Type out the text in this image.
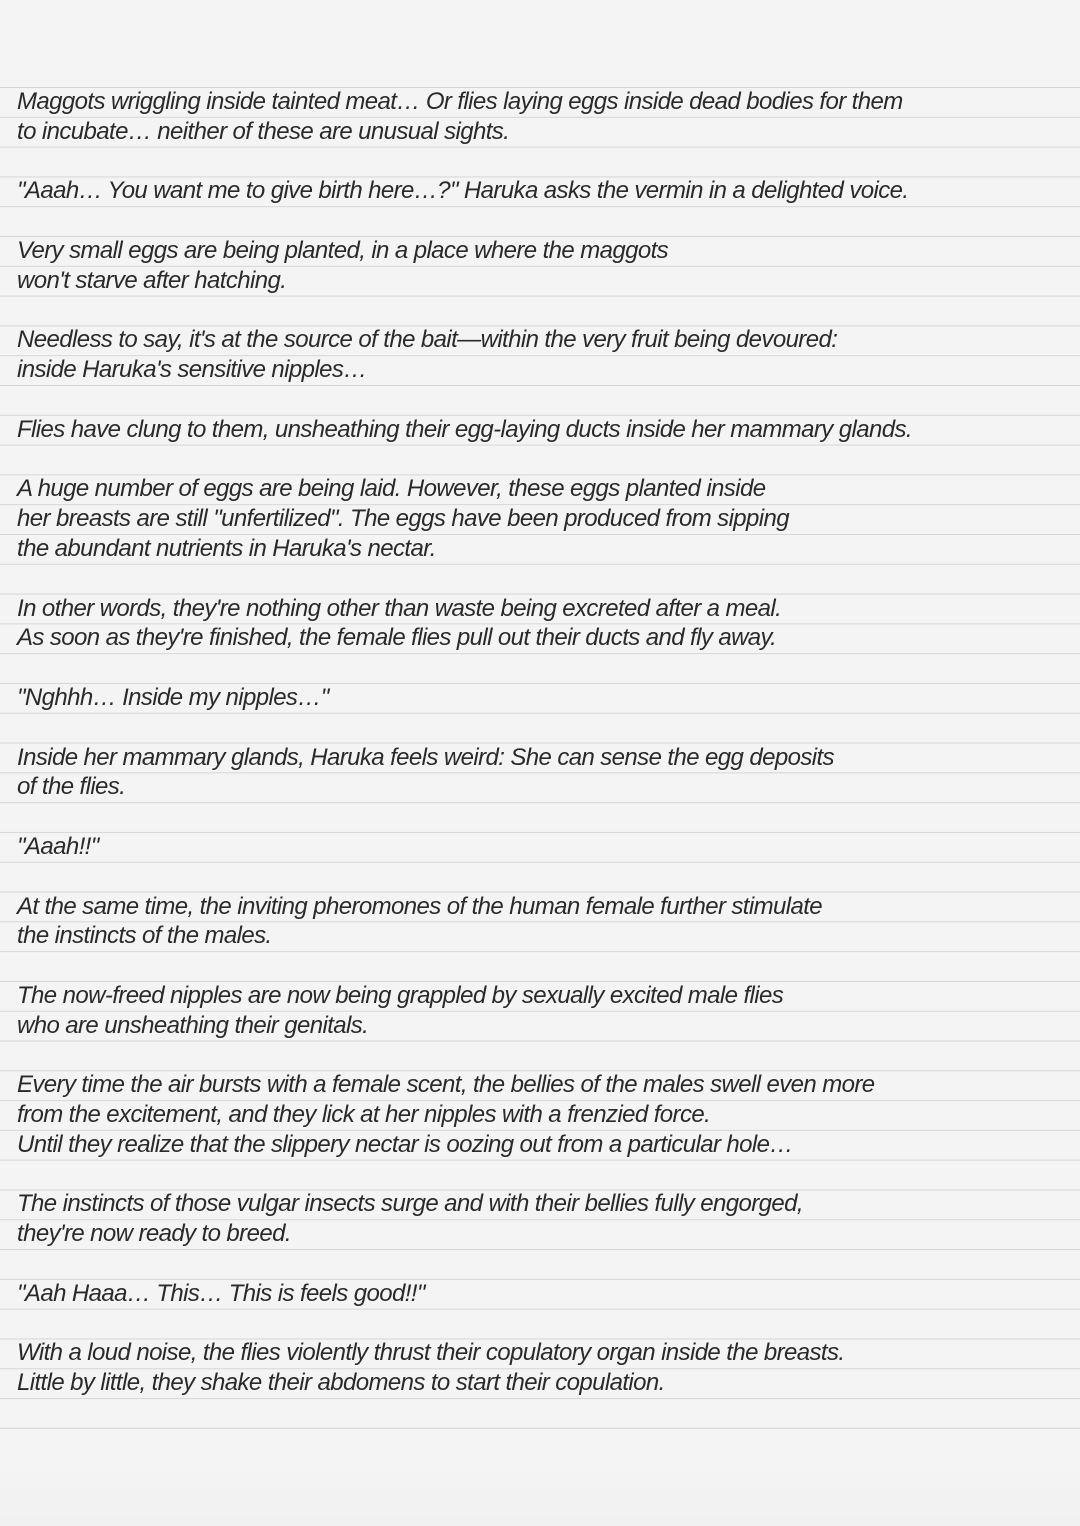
Maggots wriggling inside tainted meat… Or flies laying eggs inside dead bodies for them
to incubate… neither of these are unusual sights.
"Aaah… You want me to give birth here…?" Haruka asks the vermin in a delighted voice.
Very small eggs are being planted, in a place where the maggots
won't starve after hatching.
Needless to say, it's at the source of the bait—within the very fruit being devoured:
inside Haruka's sensitive nipples…
Flies have clung to them, unsheathing their egg-laying ducts inside her mammary glands.
A huge number of eggs are being laid. However, these eggs planted inside
her breasts are still "unfertilized". The eggs have been produced from sipping
the abundant nutrients in Haruka's nectar.
In other words, they're nothing other than waste being excreted after a meal.
As soon as they're finished, the female flies pull out their ducts and fly away.
"Nghhh… Inside my nipples…"
Inside her mammary glands, Haruka feels weird: She can sense the egg deposits
of the flies.
"Aaah!!"
At the same time, the inviting pheromones of the human female further stimulate
the instincts of the males.
The now-freed nipples are now being grappled by sexually excited male flies
who are unsheathing their genitals.
Every time the air bursts with a female scent, the bellies of the males swell even more
from the excitement, and they lick at her nipples with a frenzied force.
Until they realize that the slippery nectar is oozing out from a particular hole…
The instincts of those vulgar insects surge and with their bellies fully engorged,
they're now ready to breed.
"Aah Haaa… This… This is feels good!!"
With a loud noise, the flies violently thrust their copulatory organ inside the breasts.
Little by little, they shake their abdomens to start their copulation.
